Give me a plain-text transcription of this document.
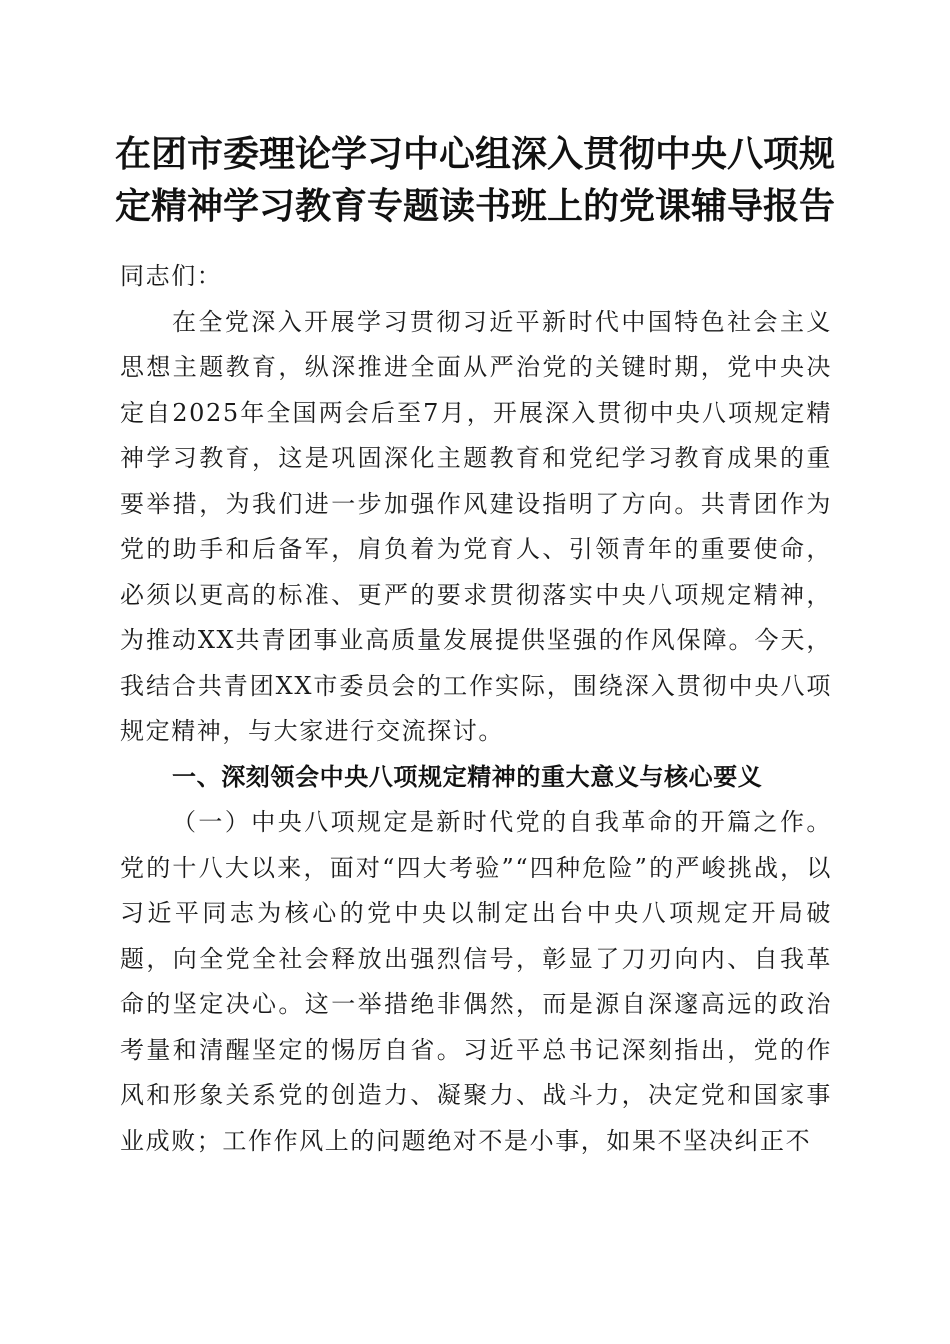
在团市委理论学习中心组深入贯彻中央八项规定精神学习教育专题读书班上的党课辅导报告

同志们：

在全党深入开展学习贯彻习近平新时代中国特色社会主义思想主题教育，纵深推进全面从严治党的关键时期，党中央决定自2025年全国两会后至7月，开展深入贯彻中央八项规定精神学习教育，这是巩固深化主题教育和党纪学习教育成果的重要举措，为我们进一步加强作风建设指明了方向。共青团作为党的助手和后备军，肩负着为党育人、引领青年的重要使命，必须以更高的标准、更严的要求贯彻落实中央八项规定精神，为推动XX共青团事业高质量发展提供坚强的作风保障。今天，我结合共青团XX市委员会的工作实际，围绕深入贯彻中央八项规定精神，与大家进行交流探讨。

一、深刻领会中央八项规定精神的重大意义与核心要义

（一）中央八项规定是新时代党的自我革命的开篇之作。党的十八大以来，面对“四大考验”“四种危险”的严峻挑战，以习近平同志为核心的党中央以制定出台中央八项规定开局破题，向全党全社会释放出强烈信号，彰显了刀刃向内、自我革命的坚定决心。这一举措绝非偶然，而是源自深邃高远的政治考量和清醒坚定的惕厉自省。习近平总书记深刻指出，党的作风和形象关系党的创造力、凝聚力、战斗力，决定党和国家事业成败；工作作风上的问题绝对不是小事，如果不坚决纠正不
